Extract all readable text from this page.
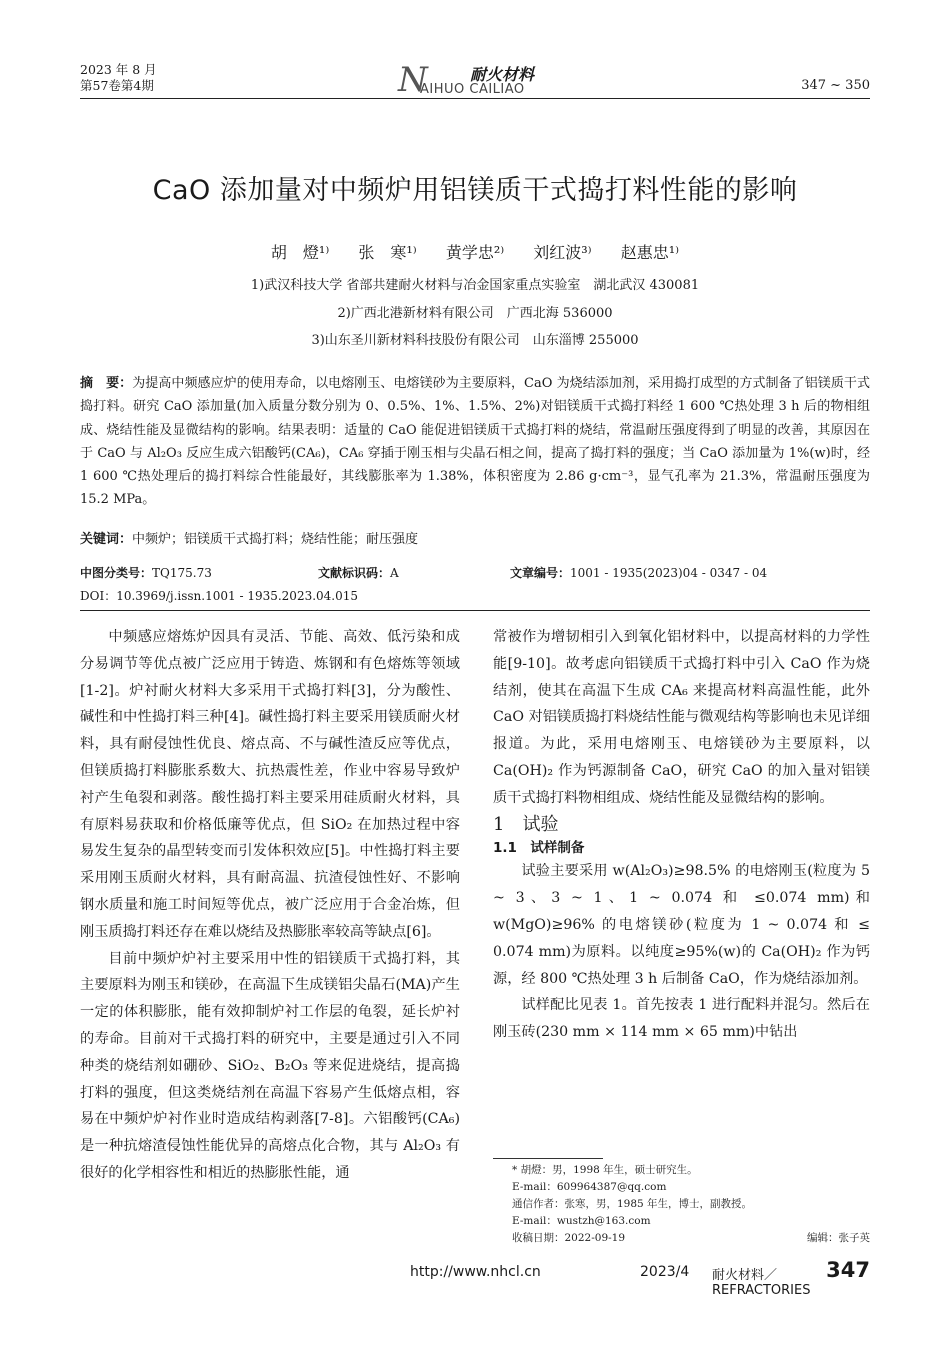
2023 年 8 月
第57卷第4期	N	耐火材料
AIHUO CAILIAO	347 ~ 350
CaO 添加量对中频炉用铝镁质干式捣打料性能的影响
胡　燈¹⁾ 张　寒¹⁾ 黄学忠²⁾ 刘红波³⁾ 赵惠忠¹⁾
1)武汉科技大学 省部共建耐火材料与冶金国家重点实验室　湖北武汉 430081
2)广西北港新材料有限公司　广西北海 536000
3)山东圣川新材料科技股份有限公司　山东淄博 255000
摘　要：为提高中频感应炉的使用寿命，以电熔刚玉、电熔镁砂为主要原料，CaO 为烧结添加剂，采用捣打成型的方式制备了铝镁质干式捣打料。研究 CaO 添加量(加入质量分数分别为 0、0.5%、1%、1.5%、2%)对铝镁质干式捣打料经 1 600 ℃热处理 3 h 后的物相组成、烧结性能及显微结构的影响。结果表明：适量的 CaO 能促进铝镁质干式捣打料的烧结，常温耐压强度得到了明显的改善，其原因在于 CaO 与 Al₂O₃ 反应生成六铝酸钙(CA₆)，CA₆ 穿插于刚玉相与尖晶石相之间，提高了捣打料的强度；当 CaO 添加量为 1%(w)时，经 1 600 ℃热处理后的捣打料综合性能最好，其线膨胀率为 1.38%，体积密度为 2.86 g·cm⁻³，显气孔率为 21.3%，常温耐压强度为 15.2 MPa。
关键词：中频炉；铝镁质干式捣打料；烧结性能；耐压强度
中图分类号：TQ175.73	文献标识码：A	文章编号：1001 - 1935(2023)04 - 0347 - 04
DOI：10.3969/j.issn.1001 - 1935.2023.04.015

中频感应熔炼炉因具有灵活、节能、高效、低污染和成分易调节等优点被广泛应用于铸造、炼钢和有色熔炼等领域[1-2]。炉衬耐火材料大多采用干式捣打料[3]，分为酸性、碱性和中性捣打料三种[4]。碱性捣打料主要采用镁质耐火材料，具有耐侵蚀性优良、熔点高、不与碱性渣反应等优点，但镁质捣打料膨胀系数大、抗热震性差，作业中容易导致炉衬产生龟裂和剥落。酸性捣打料主要采用硅质耐火材料，具有原料易获取和价格低廉等优点，但 SiO₂ 在加热过程中容易发生复杂的晶型转变而引发体积效应[5]。中性捣打料主要采用刚玉质耐火材料，具有耐高温、抗渣侵蚀性好、不影响钢水质量和施工时间短等优点，被广泛应用于合金冶炼，但刚玉质捣打料还存在难以烧结及热膨胀率较高等缺点[6]。

目前中频炉炉衬主要采用中性的铝镁质干式捣打料，其主要原料为刚玉和镁砂，在高温下生成镁铝尖晶石(MA)产生一定的体积膨胀，能有效抑制炉衬工作层的龟裂，延长炉衬的寿命。目前对干式捣打料的研究中，主要是通过引入不同种类的烧结剂如硼砂、SiO₂、B₂O₃ 等来促进烧结，提高捣打料的强度，但这类烧结剂在高温下容易产生低熔点相，容易在中频炉炉衬作业时造成结构剥落[7-8]。六铝酸钙(CA₆)是一种抗熔渣侵蚀性能优异的高熔点化合物，其与 Al₂O₃ 有很好的化学相容性和相近的热膨胀性能，通

常被作为增韧相引入到氧化铝材料中，以提高材料的力学性能[9-10]。故考虑向铝镁质干式捣打料中引入 CaO 作为烧结剂，使其在高温下生成 CA₆ 来提高材料高温性能，此外 CaO 对铝镁质捣打料烧结性能与微观结构等影响也未见详细报道。为此，采用电熔刚玉、电熔镁砂为主要原料，以 Ca(OH)₂ 作为钙源制备 CaO，研究 CaO 的加入量对铝镁质干式捣打料物相组成、烧结性能及显微结构的影响。

1　试验

1.1　试样制备

试验主要采用 w(Al₂O₃)≥98.5% 的电熔刚玉(粒度为 5 ~ 3、3 ~ 1、1 ~ 0.074 和 ≤0.074 mm)和 w(MgO)≥96% 的电熔镁砂(粒度为 1 ~ 0.074 和 ≤ 0.074 mm)为原料。以纯度≥95%(w)的 Ca(OH)₂ 作为钙源，经 800 ℃热处理 3 h 后制备 CaO，作为烧结添加剂。

试样配比见表 1。首先按表 1 进行配料并混匀。然后在刚玉砖(230 mm × 114 mm × 65 mm)中钻出

* 胡燈：男，1998 年生，硕士研究生。
E-mail：609964387@qq.com
通信作者：张寒，男，1985 年生，博士，副教授。
E-mail：wustzh@163.com
收稿日期：2022-09-19	编辑：张子英
http://www.nhcl.cn	2023/4 耐火材料／REFRACTORIES
347
